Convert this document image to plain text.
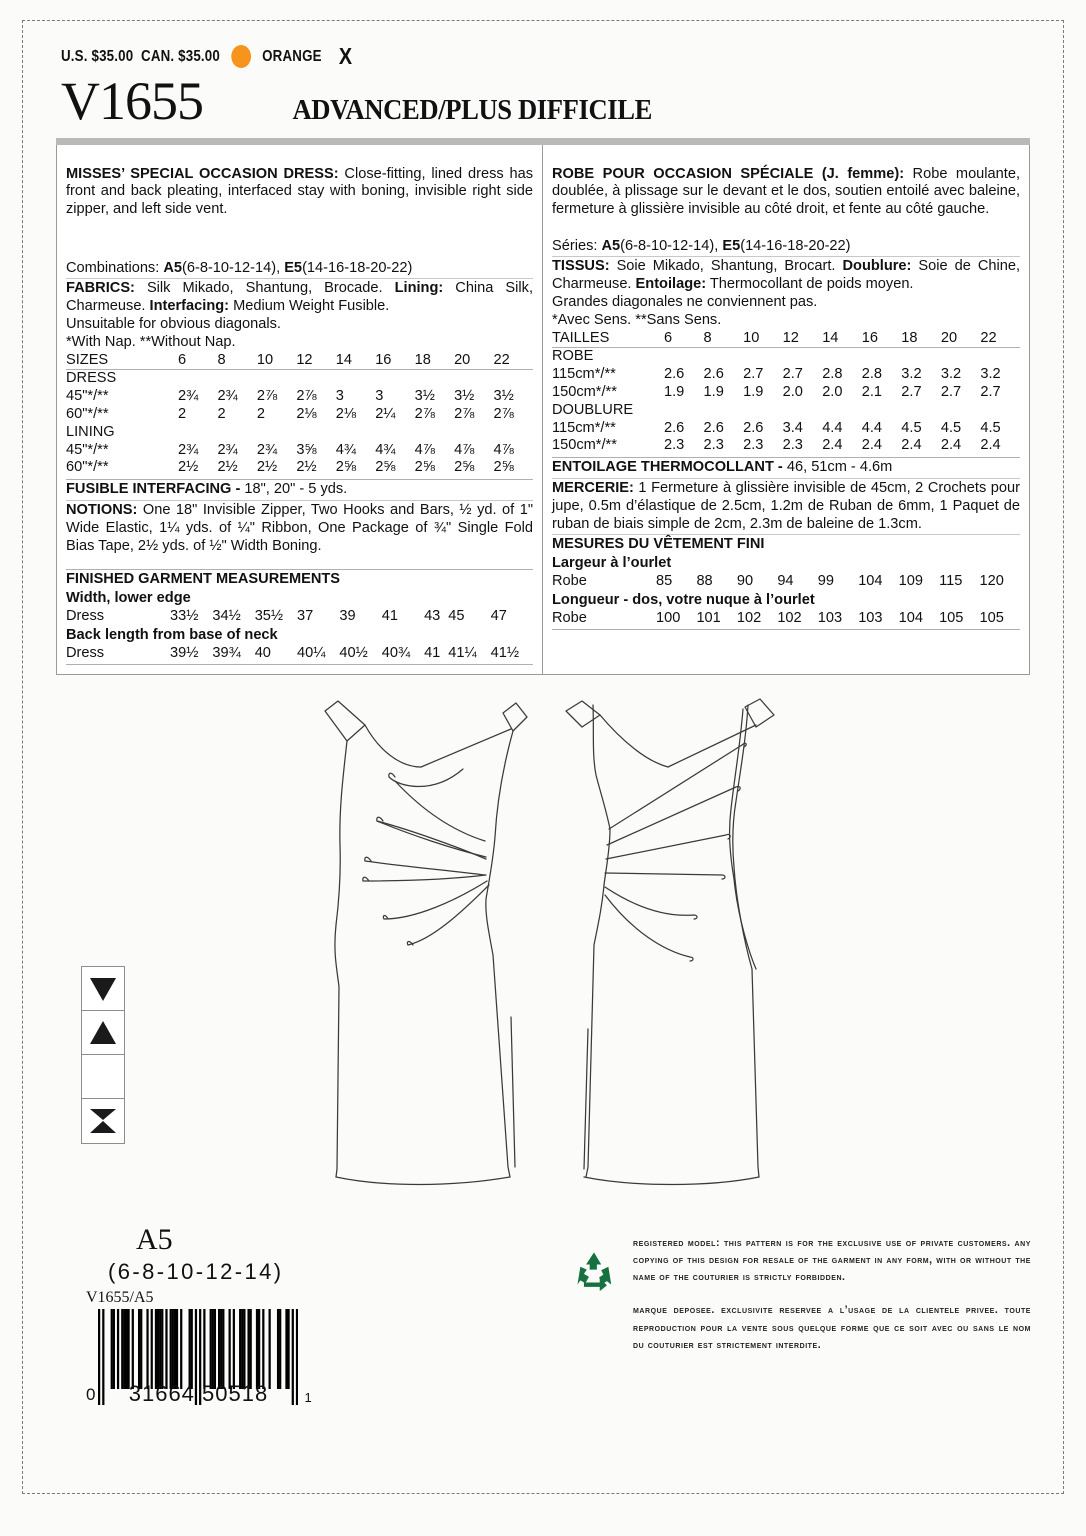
U.S. $35.00 CAN. $35.00	ORANGE X
V1655	ADVANCED/PLUS DIFFICILE

MISSES’ SPECIAL OCCASION DRESS: Close-fitting, lined dress has front and back pleating, interfaced stay with boning, invisible right side zipper, and left side vent.

Combinations: A5(6-8-10-12-14), E5(14-16-18-20-22)
FABRICS: Silk Mikado, Shantung, Brocade. Lining: China Silk, Charmeuse. Interfacing: Medium Weight Fusible.
Unsuitable for obvious diagonals.
*With Nap. **Without Nap.
SIZES	6	8	10	12	14	16	18	20	22
DRESS									
45"*/**	2¾	2¾	2⅞	2⅞	3	3	3½	3½	3½
60"*/**	2	2	2	2⅛	2⅛	2¼	2⅞	2⅞	2⅞
LINING									
45"*/**	2¾	2¾	2¾	3⅝	4¾	4¾	4⅞	4⅞	4⅞
60"*/**	2½	2½	2½	2½	2⅝	2⅝	2⅝	2⅝	2⅝
FUSIBLE INTERFACING - 18", 20" - 5 yds.
NOTIONS: One 18" Invisible Zipper, Two Hooks and Bars, ½ yd. of 1" Wide Elastic, 1¼ yds. of ¼" Ribbon, One Package of ¾" Single Fold Bias Tape, 2½ yds. of ½" Width Boning.
FINISHED GARMENT MEASUREMENTS
Width, lower edge									
Dress	33½	34½	35½	37	39	41	43	45	47
Back length from base of neck									
Dress	39½	39¾	40	40¼	40½	40¾	41	41¼	41½

ROBE POUR OCCASION SPÉCIALE (J. femme): Robe moulante, doublée, à plissage sur le devant et le dos, soutien entoilé avec baleine, fermeture à glissière invisible au côté droit, et fente au côté gauche.

Séries: A5(6-8-10-12-14), E5(14-16-18-20-22)
TISSUS: Soie Mikado, Shantung, Brocart. Doublure: Soie de Chine, Charmeuse. Entoilage: Thermocollant de poids moyen.
Grandes diagonales ne conviennent pas.
*Avec Sens. **Sans Sens.
TAILLES	6	8	10	12	14	16	18	20	22
ROBE									
115cm*/**	2.6	2.6	2.7	2.7	2.8	2.8	3.2	3.2	3.2
150cm*/**	1.9	1.9	1.9	2.0	2.0	2.1	2.7	2.7	2.7
DOUBLURE									
115cm*/**	2.6	2.6	2.6	3.4	4.4	4.4	4.5	4.5	4.5
150cm*/**	2.3	2.3	2.3	2.3	2.4	2.4	2.4	2.4	2.4
ENTOILAGE THERMOCOLLANT - 46, 51cm - 4.6m
MERCERIE: 1 Fermeture à glissière invisible de 45cm, 2 Crochets pour jupe, 0.5m d’élastique de 2.5cm, 1.2m de Ruban de 6mm, 1 Paquet de ruban de biais simple de 2cm, 2.3m de baleine de 1.3cm.
MESURES DU VÊTEMENT FINI
Largeur à l’ourlet									
Robe	85	88	90	94	99	104	109	115	120
Longueur - dos, votre nuque à l’ourlet									
Robe	100	101	102	102	103	103	104	105	105
A5
(6-8-10-12-14)
V1655/A5
0	31664 50518	1
registered model: this pattern is for the exclusive use of private customers. any copying of this design for resale of the garment in any form, with or without the name of the couturier is strictly forbidden.
marque deposee. exclusivite reservee a l’usage de la clientele privee. toute reproduction pour la vente sous quelque forme que ce soit avec ou sans le nom du couturier est strictement interdite.
